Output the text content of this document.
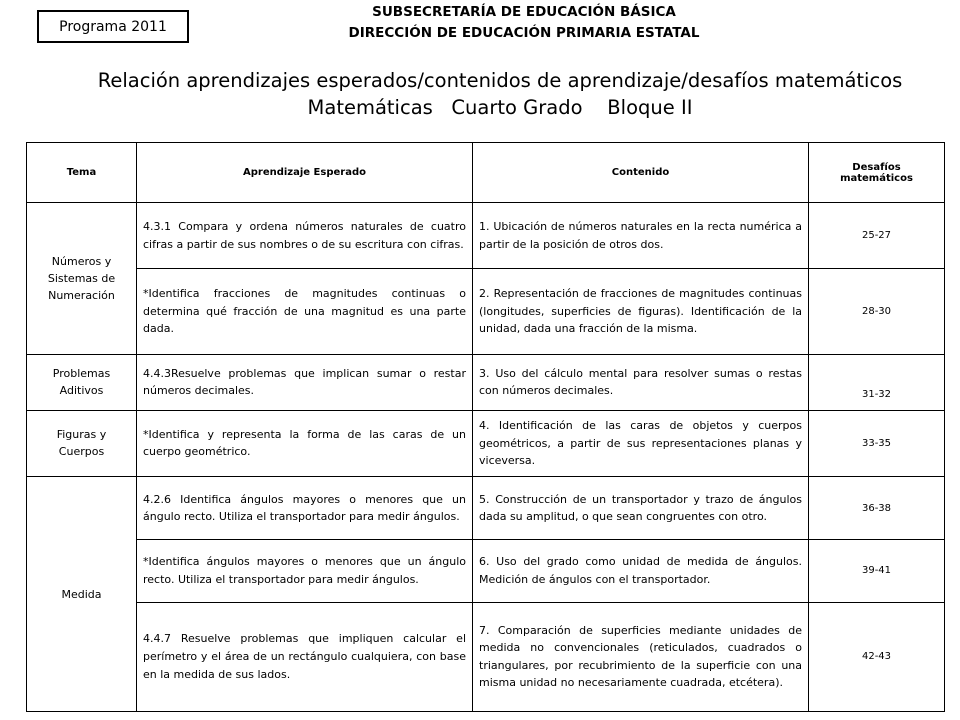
Programa 2011
SUBSECRETARÍA DE EDUCACIÓN BÁSICA
DIRECCIÓN DE EDUCACIÓN PRIMARIA ESTATAL
Relación aprendizajes esperados/contenidos de aprendizaje/desafíos matemáticos
Matemáticas   Cuarto Grado    Bloque II
Tema	Aprendizaje Esperado	Contenido	Desafíos matemáticos
Números y Sistemas de Numeración	4.3.1 Compara y ordena números naturales de cuatro cifras a partir de sus nombres o de su escritura con cifras.	1. Ubicación de números naturales en la recta numérica a partir de la posición de otros dos.	25-27
	*Identifica fracciones de magnitudes continuas o determina qué fracción de una magnitud es una parte dada.	2. Representación de fracciones de magnitudes continuas (longitudes, superficies de figuras). Identificación de la unidad, dada una fracción de la misma.	28-30
Problemas Aditivos	4.4.3Resuelve problemas que implican sumar o restar números decimales.	3. Uso del cálculo mental para resolver sumas o restas con números decimales.	31-32
Figuras y Cuerpos	*Identifica y representa la forma de las caras de un cuerpo geométrico.	4. Identificación de las caras de objetos y cuerpos geométricos, a partir de sus representaciones planas y viceversa.	33-35
Medida	4.2.6 Identifica ángulos mayores o menores que un ángulo recto. Utiliza el transportador para medir ángulos.	5. Construcción de un transportador y trazo de ángulos dada su amplitud, o que sean congruentes con otro.	36-38
	*Identifica ángulos mayores o menores que un ángulo recto. Utiliza el transportador para medir ángulos.	6. Uso del grado como unidad de medida de ángulos. Medición de ángulos con el transportador.	39-41
	4.4.7 Resuelve problemas que impliquen calcular el perímetro y el área de un rectángulo cualquiera, con base en la medida de sus lados.	7. Comparación de superficies mediante unidades de medida no convencionales (reticulados, cuadrados o triangulares, por recubrimiento de la superficie con una misma unidad no necesariamente cuadrada, etcétera).	42-43
